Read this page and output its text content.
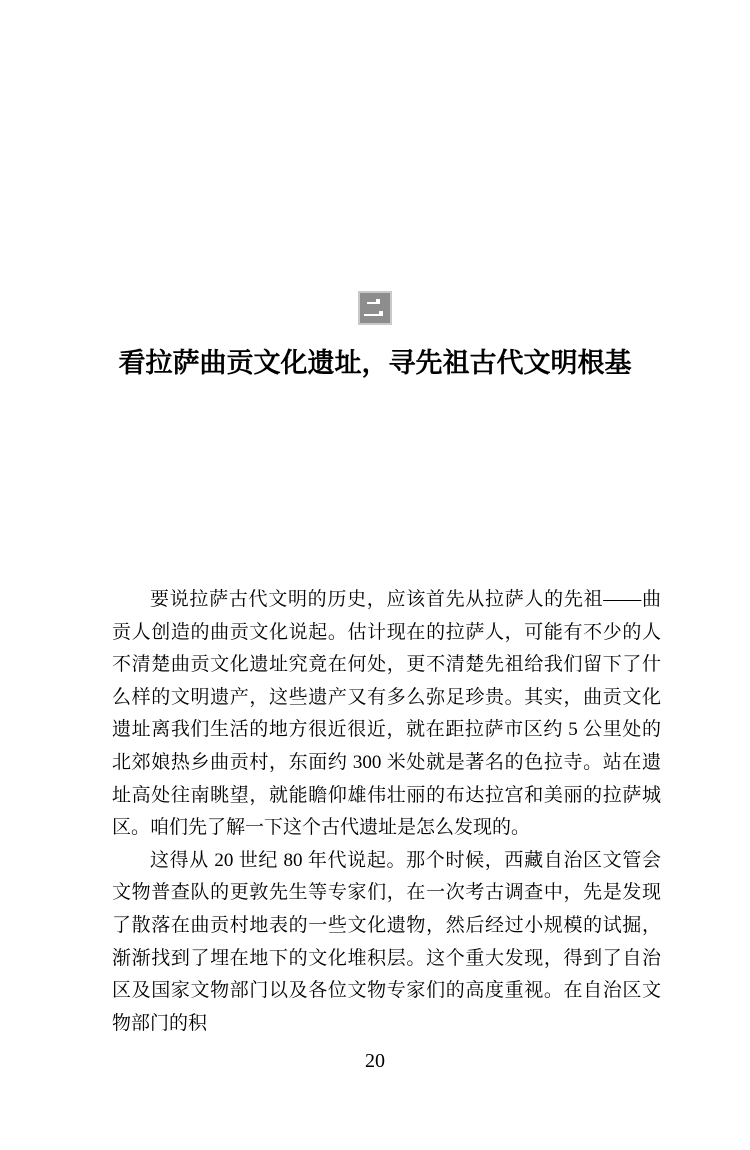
看拉萨曲贡文化遗址，寻先祖古代文明根基

要说拉萨古代文明的历史，应该首先从拉萨人的先祖——曲贡人创造的曲贡文化说起。估计现在的拉萨人，可能有不少的人不清楚曲贡文化遗址究竟在何处，更不清楚先祖给我们留下了什么样的文明遗产，这些遗产又有多么弥足珍贵。其实，曲贡文化遗址离我们生活的地方很近很近，就在距拉萨市区约 5 公里处的北郊娘热乡曲贡村，东面约 300 米处就是著名的色拉寺。站在遗址高处往南眺望，就能瞻仰雄伟壮丽的布达拉宫和美丽的拉萨城区。咱们先了解一下这个古代遗址是怎么发现的。

这得从 20 世纪 80 年代说起。那个时候，西藏自治区文管会文物普查队的更敦先生等专家们，在一次考古调查中，先是发现了散落在曲贡村地表的一些文化遗物，然后经过小规模的试掘，渐渐找到了埋在地下的文化堆积层。这个重大发现，得到了自治区及国家文物部门以及各位文物专家们的高度重视。在自治区文物部门的积

20
